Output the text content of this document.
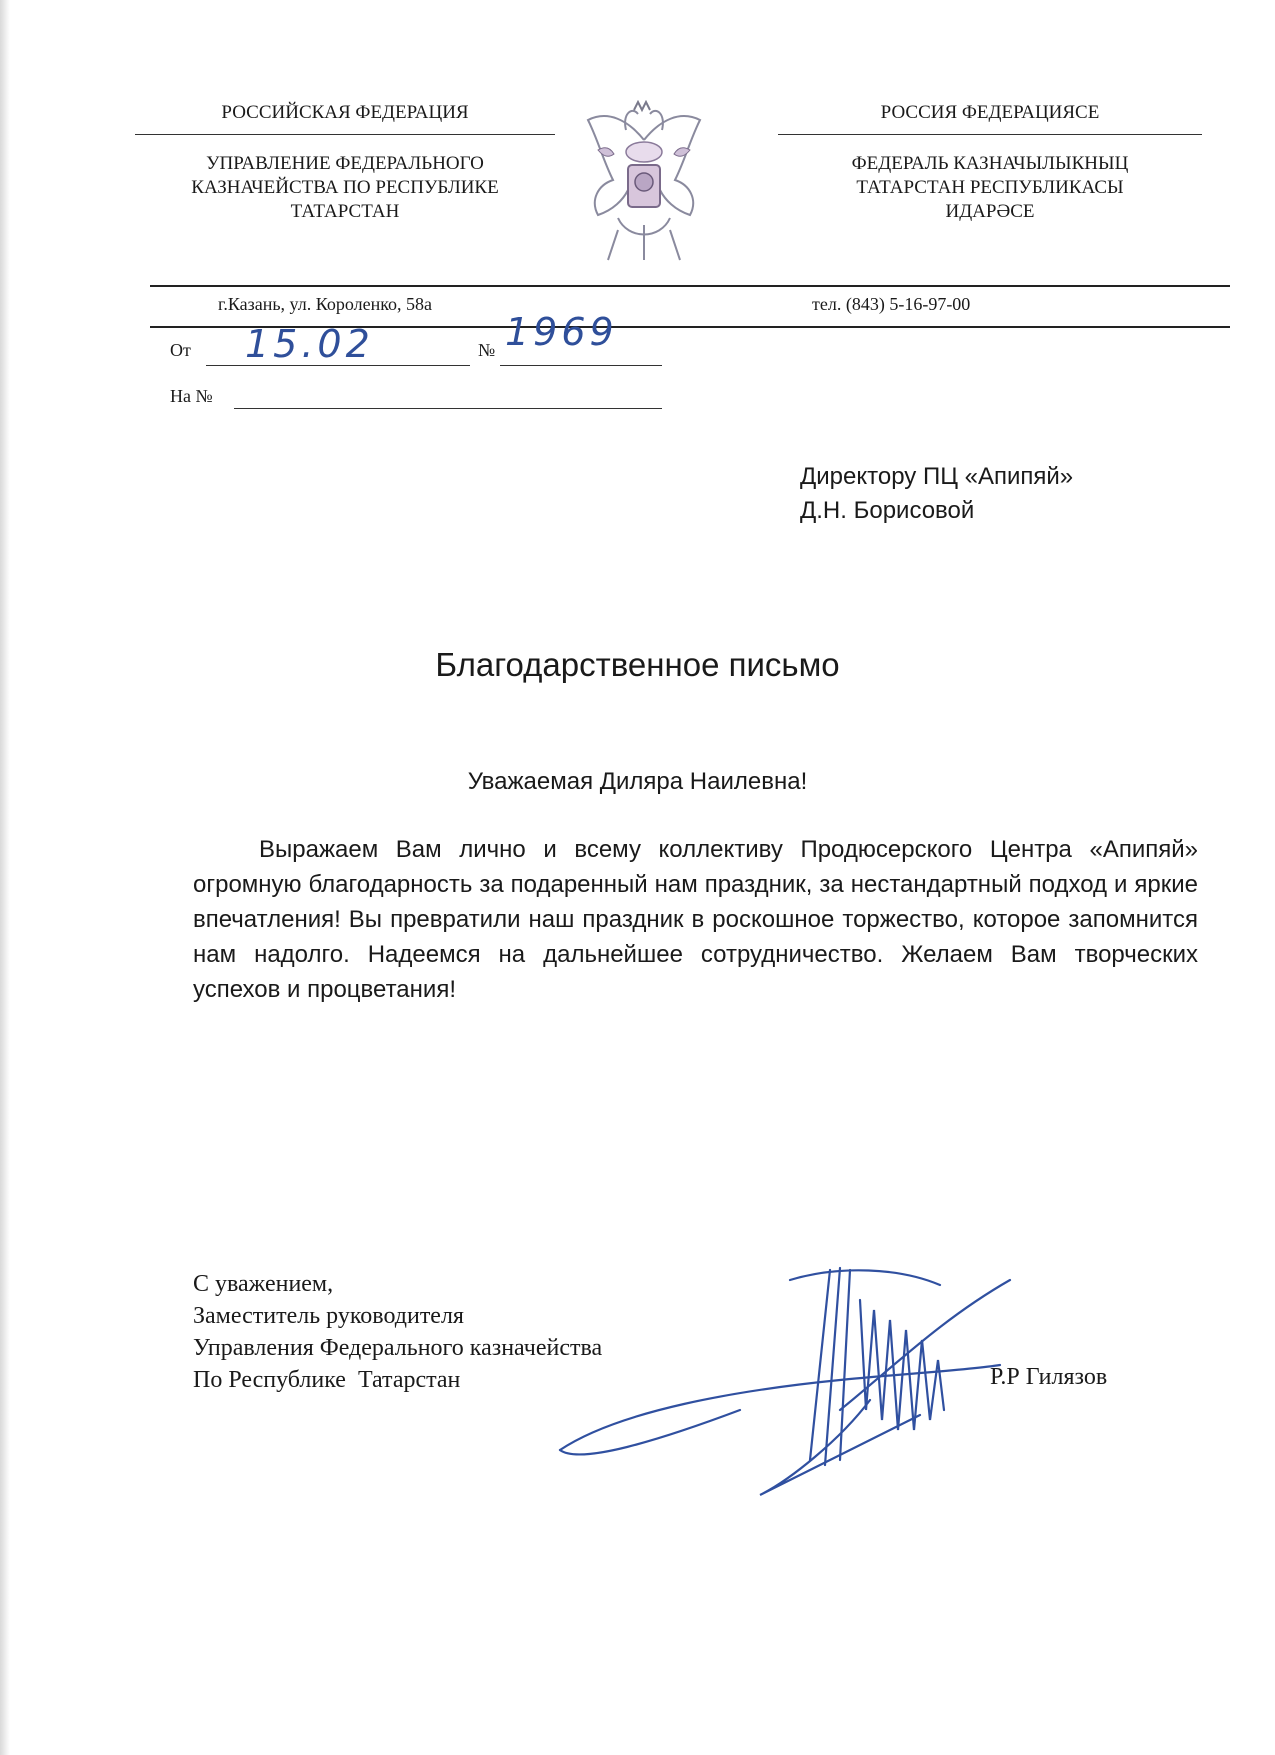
РОССИЙСКАЯ ФЕДЕРАЦИЯ
УПРАВЛЕНИЕ ФЕДЕРАЛЬНОГО
КАЗНАЧЕЙСТВА ПО РЕСПУБЛИКЕ
ТАТАРСТАН
РОССИЯ ФЕДЕРАЦИЯСЕ
ФЕДЕРАЛЬ КАЗНАЧЫЛЫКНЫЦ
ТАТАРСТАН РЕСПУБЛИКАСЫ
ИДАРӘСЕ
г.Казань, ул. Короленко, 58а	тел. (843) 5-16-97-00
От 15.02	№ 1969
На №
Директору ПЦ «Апипяй»
Д.Н. Борисовой
Благодарственное письмо
Уважаемая Диляра Наилевна!
Выражаем Вам лично и всему коллективу Продюсерского Центра «Апипяй» огромную благодарность за подаренный нам праздник, за нестандартный подход и яркие впечатления! Вы превратили наш праздник в роскошное торжество, которое запомнится нам надолго. Надеемся на дальнейшее сотрудничество. Желаем Вам творческих успехов и процветания!
С уважением,
Заместитель руководителя
Управления Федерального казначейства
По Республике  Татарстан	Р.Р Гилязов
